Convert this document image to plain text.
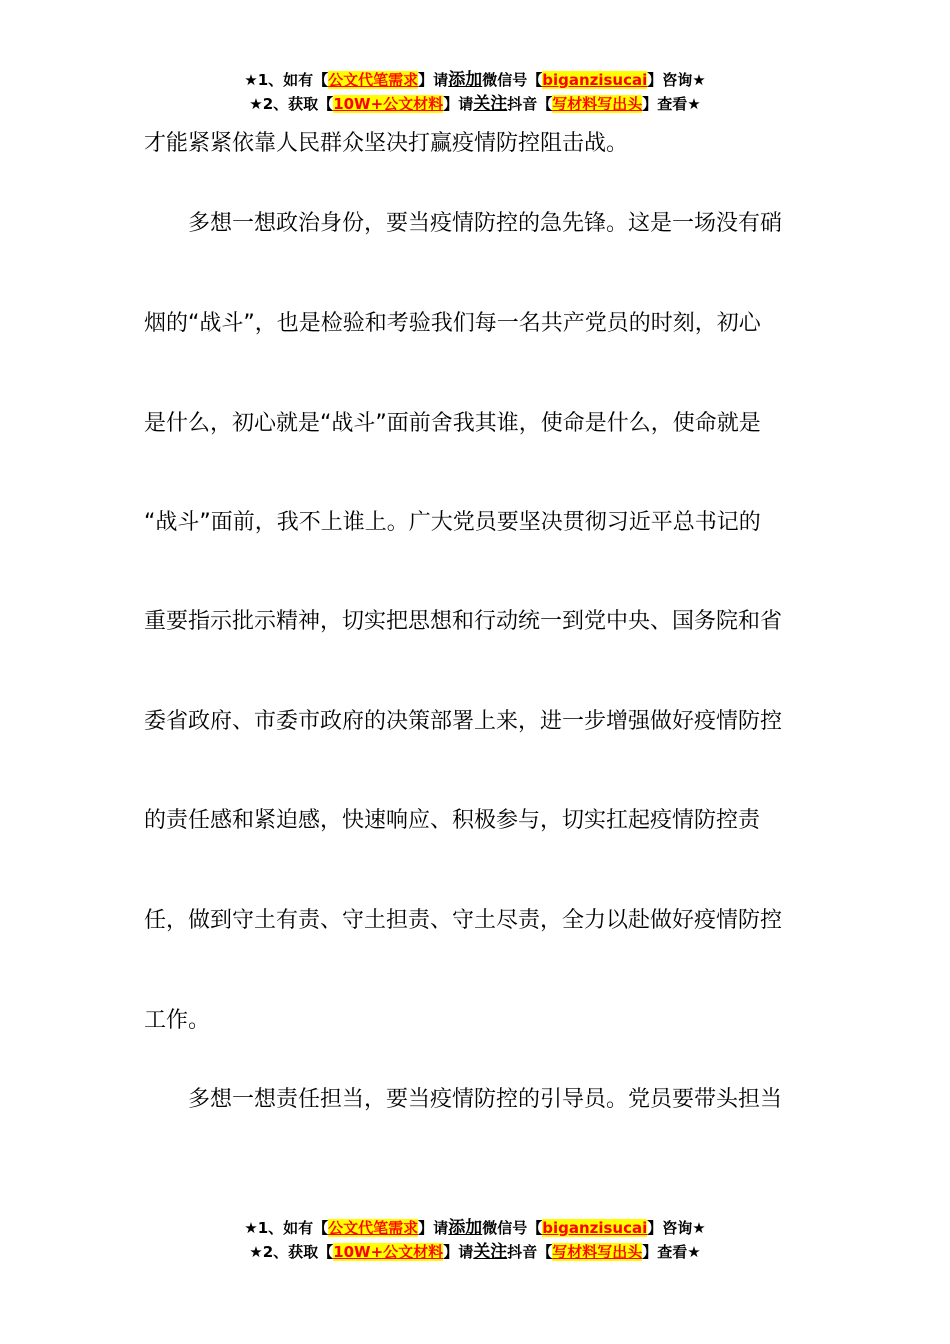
★1、如有【公文代笔需求】请添加微信号【biganzisucai】咨询★
★2、获取【10W+公文材料】请关注抖音【写材料写出头】查看★
才能紧紧依靠人民群众坚决打赢疫情防控阻击战。
　　多想一想政治身份，要当疫情防控的急先锋。这是一场没有硝
烟的“战斗”，也是检验和考验我们每一名共产党员的时刻，初心
是什么，初心就是“战斗”面前舍我其谁，使命是什么，使命就是
“战斗”面前，我不上谁上。广大党员要坚决贯彻习近平总书记的
重要指示批示精神，切实把思想和行动统一到党中央、国务院和省
委省政府、市委市政府的决策部署上来，进一步增强做好疫情防控
的责任感和紧迫感，快速响应、积极参与，切实扛起疫情防控责
任，做到守土有责、守土担责、守土尽责，全力以赴做好疫情防控
工作。
　　多想一想责任担当，要当疫情防控的引导员。党员要带头担当
★1、如有【公文代笔需求】请添加微信号【biganzisucai】咨询★
★2、获取【10W+公文材料】请关注抖音【写材料写出头】查看★
